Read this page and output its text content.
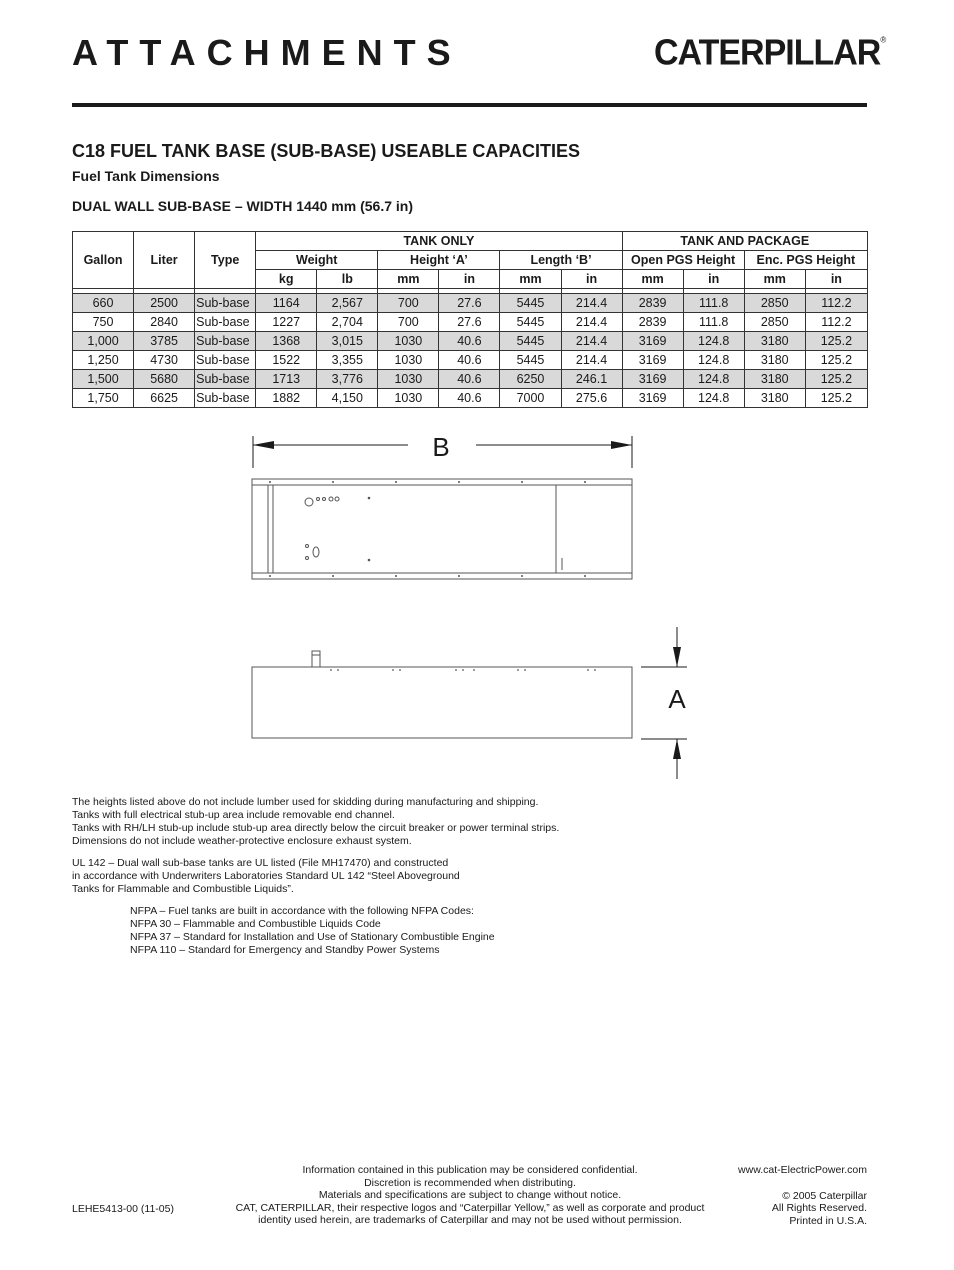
ATTACHMENTS	CATERPILLAR®
C18 FUEL TANK BASE (SUB-BASE) USEABLE CAPACITIES
Fuel Tank Dimensions
DUAL WALL SUB-BASE – WIDTH 1440 mm (56.7 in)
Gallon	Liter	Type	TANK ONLY						TANK AND PACKAGE			
			Weight		Height ‘A’		Length ‘B’		Open PGS Height		Enc. PGS Height	
			kg	lb	mm	in	mm	in	mm	in	mm	in

660	2500	Sub-base	1164	2,567	700	27.6	5445	214.4	2839	111.8	2850	112.2
750	2840	Sub-base	1227	2,704	700	27.6	5445	214.4	2839	111.8	2850	112.2
1,000	3785	Sub-base	1368	3,015	1030	40.6	5445	214.4	3169	124.8	3180	125.2
1,250	4730	Sub-base	1522	3,355	1030	40.6	5445	214.4	3169	124.8	3180	125.2
1,500	5680	Sub-base	1713	3,776	1030	40.6	6250	246.1	3169	124.8	3180	125.2
1,750	6625	Sub-base	1882	4,150	1030	40.6	7000	275.6	3169	124.8	3180	125.2
B
A
The heights listed above do not include lumber used for skidding during manufacturing and shipping.
Tanks with full electrical stub-up area include removable end channel.
Tanks with RH/LH stub-up include stub-up area directly below the circuit breaker or power terminal strips.
Dimensions do not include weather-protective enclosure exhaust system.
UL 142 – Dual wall sub-base tanks are UL listed (File MH17470) and constructed
in accordance with Underwriters Laboratories Standard UL 142 “Steel Aboveground
Tanks for Flammable and Combustible Liquids”.
NFPA – Fuel tanks are built in accordance with the following NFPA Codes:
NFPA 30 – Flammable and Combustible Liquids Code
NFPA 37 – Standard for Installation and Use of Stationary Combustible Engine
NFPA 110 – Standard for Emergency and Standby Power Systems
Information contained in this publication may be considered confidential.
Discretion is recommended when distributing.
Materials and specifications are subject to change without notice.
CAT, CATERPILLAR, their respective logos and “Caterpillar Yellow,” as well as corporate and product
identity used herein, are trademarks of Caterpillar and may not be used without permission.
LEHE5413-00 (11-05)
www.cat-ElectricPower.com
© 2005 Caterpillar
All Rights Reserved.
Printed in U.S.A.
